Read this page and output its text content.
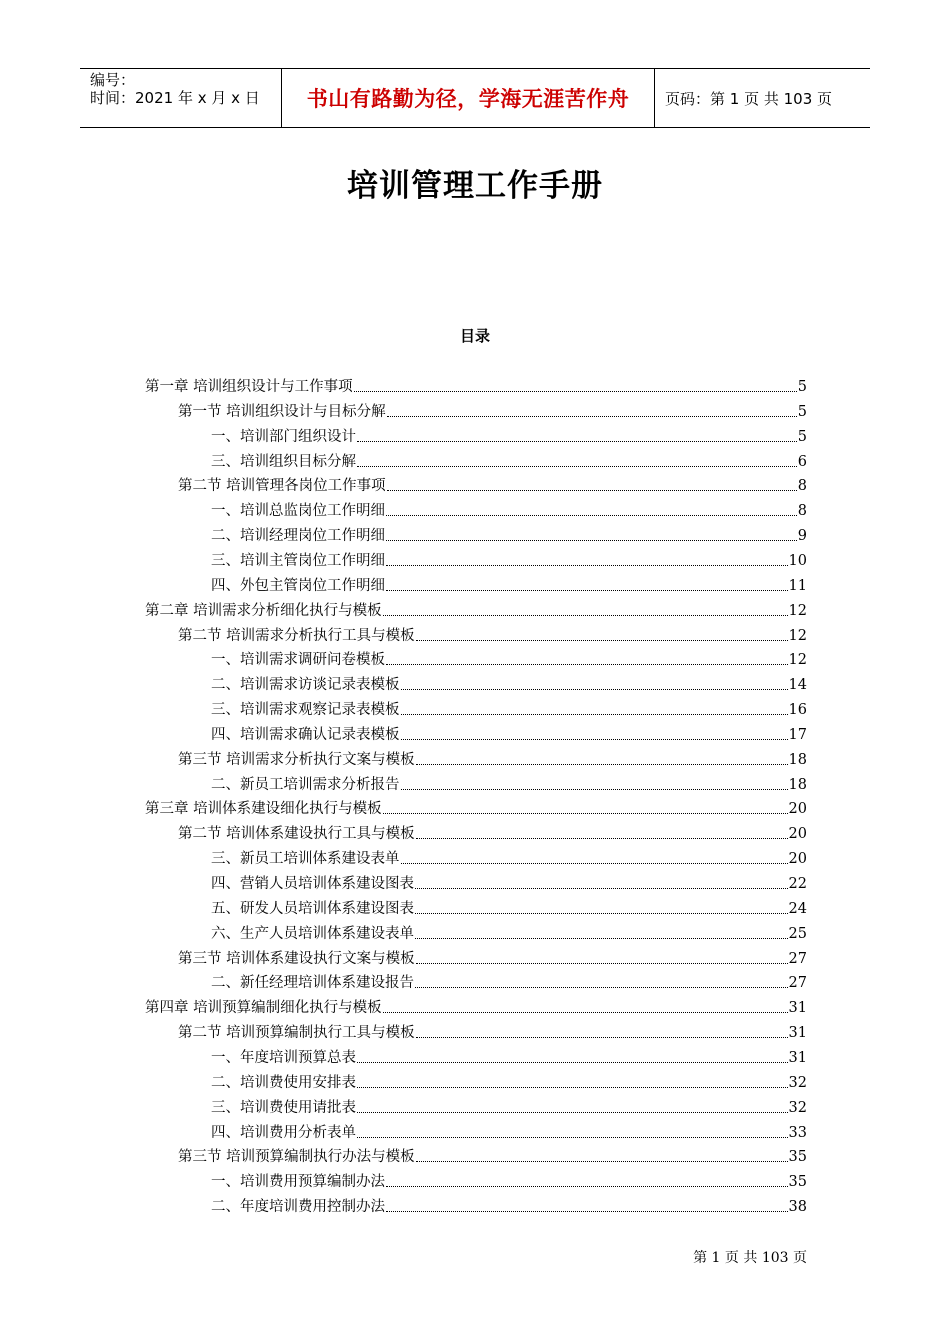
编号：
时间：2021 年 x 月 x 日	书山有路勤为径，学海无涯苦作舟	页码：第 1 页 共 103 页
培训管理工作手册
目录
第一章 培训组织设计与工作事项	5
第一节 培训组织设计与目标分解	5
一、培训部门组织设计	5
三、培训组织目标分解	6
第二节 培训管理各岗位工作事项	8
一、培训总监岗位工作明细	8
二、培训经理岗位工作明细	9
三、培训主管岗位工作明细	10
四、外包主管岗位工作明细	11
第二章 培训需求分析细化执行与模板	12
第二节 培训需求分析执行工具与模板	12
一、培训需求调研问卷模板	12
二、培训需求访谈记录表模板	14
三、培训需求观察记录表模板	16
四、培训需求确认记录表模板	17
第三节 培训需求分析执行文案与模板	18
二、新员工培训需求分析报告	18
第三章 培训体系建设细化执行与模板	20
第二节 培训体系建设执行工具与模板	20
三、新员工培训体系建设表单	20
四、营销人员培训体系建设图表	22
五、研发人员培训体系建设图表	24
六、生产人员培训体系建设表单	25
第三节 培训体系建设执行文案与模板	27
二、新任经理培训体系建设报告	27
第四章 培训预算编制细化执行与模板	31
第二节 培训预算编制执行工具与模板	31
一、年度培训预算总表	31
二、培训费使用安排表	32
三、培训费使用请批表	32
四、培训费用分析表单	33
第三节 培训预算编制执行办法与模板	35
一、培训费用预算编制办法	35
二、年度培训费用控制办法	38
第 1 页 共 103 页
